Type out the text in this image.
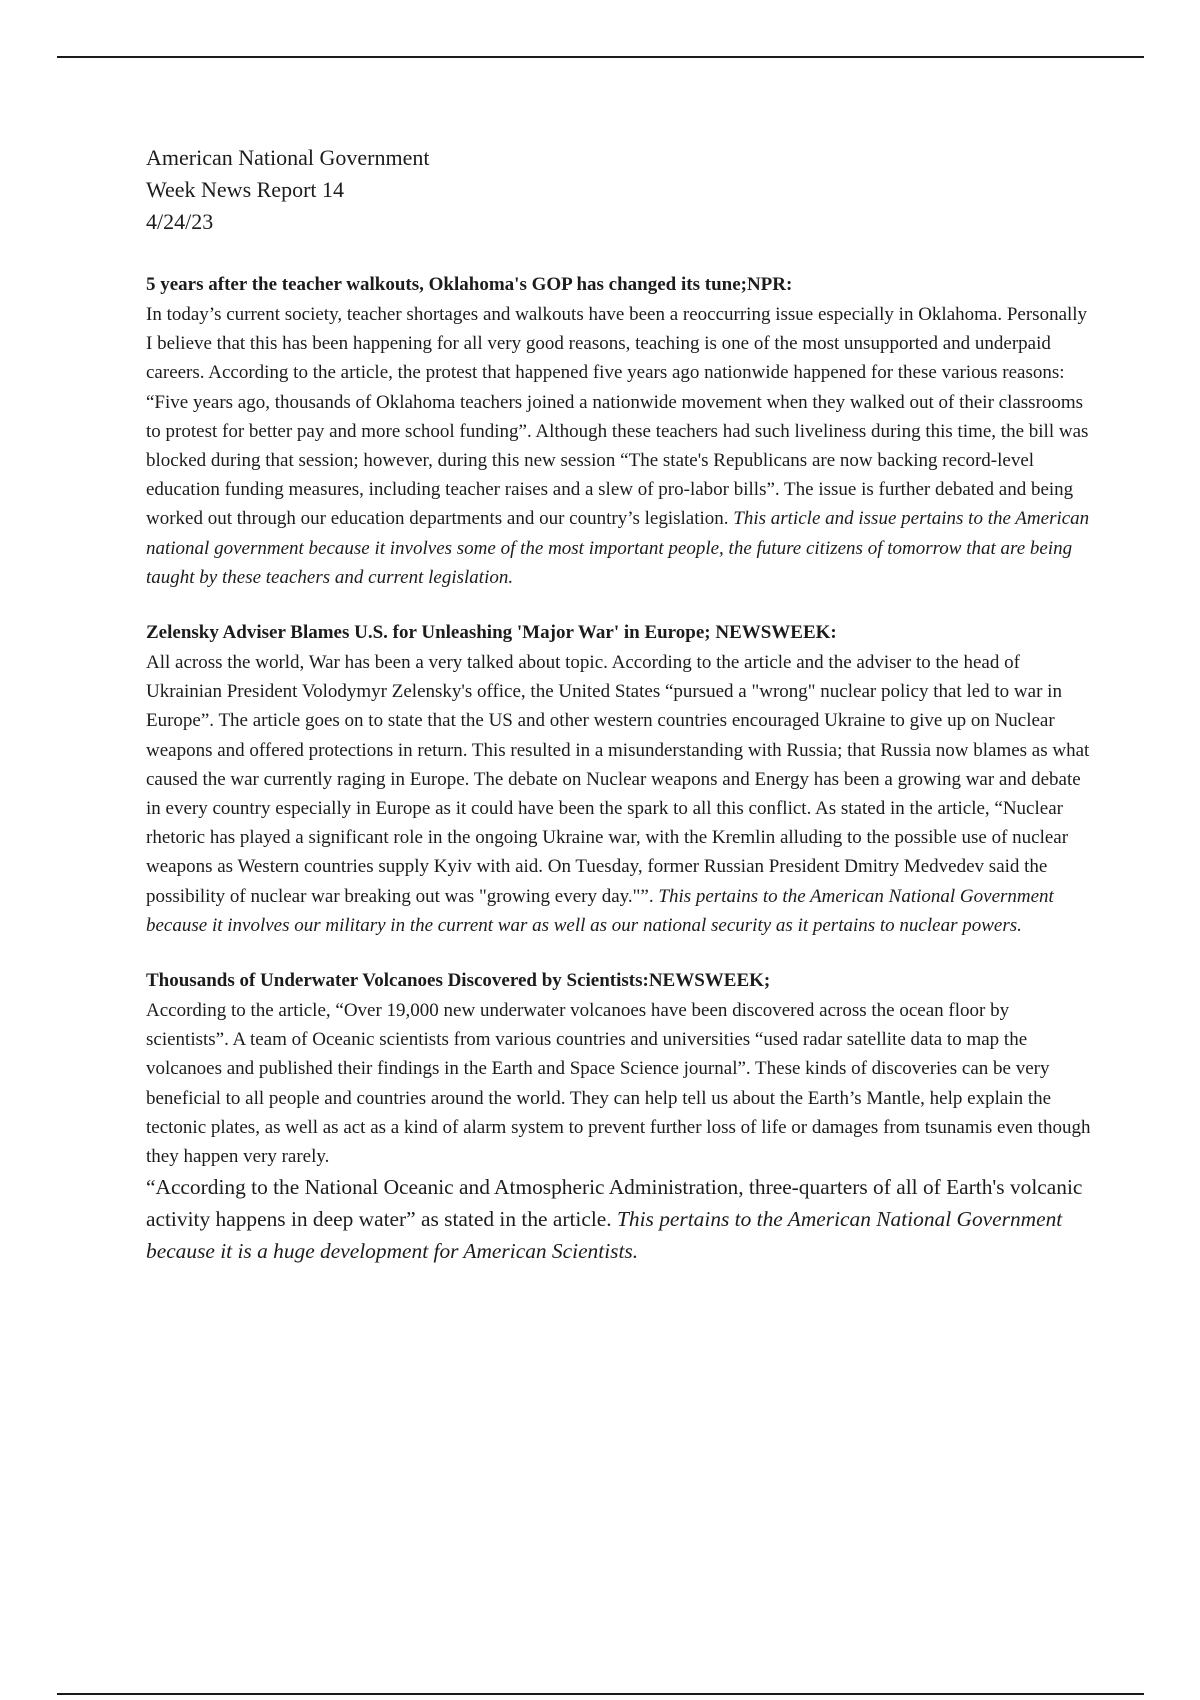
American National Government
Week News Report 14
4/24/23
5 years after the teacher walkouts, Oklahoma's GOP has changed its tune;NPR:
In today’s current society, teacher shortages and walkouts have been a reoccurring issue especially in Oklahoma. Personally I believe that this has been happening for all very good reasons, teaching is one of the most unsupported and underpaid careers. According to the article, the protest that happened five years ago nationwide happened for these various reasons: “Five years ago, thousands of Oklahoma teachers joined a nationwide movement when they walked out of their classrooms to protest for better pay and more school funding”. Although these teachers had such liveliness during this time, the bill was blocked during that session; however, during this new session “The state's Republicans are now backing record-level education funding measures, including teacher raises and a slew of pro-labor bills”. The issue is further debated and being worked out through our education departments and our country’s legislation. This article and issue pertains to the American national government because it involves some of the most important people, the future citizens of tomorrow that are being taught by these teachers and current legislation.
Zelensky Adviser Blames U.S. for Unleashing 'Major War' in Europe; NEWSWEEK:
All across the world, War has been a very talked about topic. According to the article and the adviser to the head of Ukrainian President Volodymyr Zelensky's office, the United States “pursued a "wrong" nuclear policy that led to war in Europe”. The article goes on to state that the US and other western countries encouraged Ukraine to give up on Nuclear weapons and offered protections in return. This resulted in a misunderstanding with Russia; that Russia now blames as what caused the war currently raging in Europe. The debate on Nuclear weapons and Energy has been a growing war and debate in every country especially in Europe as it could have been the spark to all this conflict. As stated in the article, “Nuclear rhetoric has played a significant role in the ongoing Ukraine war, with the Kremlin alluding to the possible use of nuclear weapons as Western countries supply Kyiv with aid. On Tuesday, former Russian President Dmitry Medvedev said the possibility of nuclear war breaking out was "growing every day."”. This pertains to the American National Government because it involves our military in the current war as well as our national security as it pertains to nuclear powers.
Thousands of Underwater Volcanoes Discovered by Scientists:NEWSWEEK;
According to the article, “Over 19,000 new underwater volcanoes have been discovered across the ocean floor by scientists”. A team of Oceanic scientists from various countries and universities “used radar satellite data to map the volcanoes and published their findings in the Earth and Space Science journal”. These kinds of discoveries can be very beneficial to all people and countries around the world. They can help tell us about the Earth’s Mantle, help explain the tectonic plates, as well as act as a kind of alarm system to prevent further loss of life or damages from tsunamis even though they happen very rarely.
“According to the National Oceanic and Atmospheric Administration, three-quarters of all of Earth's volcanic activity happens in deep water” as stated in the article. This pertains to the American National Government because it is a huge development for American Scientists.
